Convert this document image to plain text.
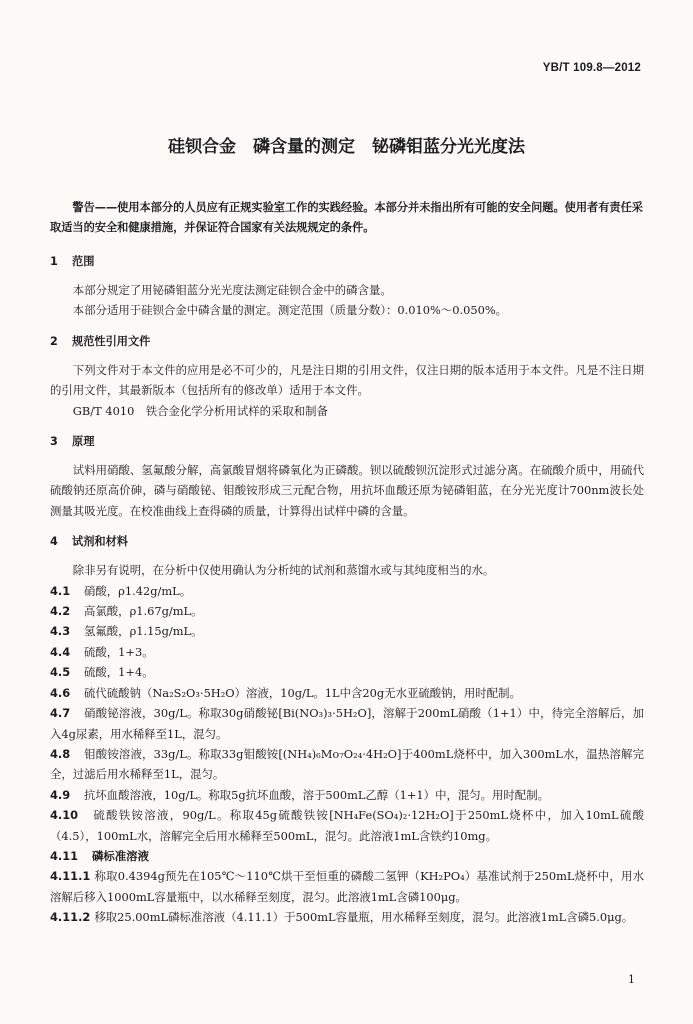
YB/T 109.8—2012
硅钡合金　磷含量的测定　铋磷钼蓝分光光度法

警告——使用本部分的人员应有正规实验室工作的实践经验。本部分并未指出所有可能的安全问题。使用者有责任采取适当的安全和健康措施，并保证符合国家有关法规规定的条件。

1 范围

本部分规定了用铋磷钼蓝分光光度法测定硅钡合金中的磷含量。

本部分适用于硅钡合金中磷含量的测定。测定范围（质量分数）：0.010%～0.050%。

2 规范性引用文件

下列文件对于本文件的应用是必不可少的，凡是注日期的引用文件，仅注日期的版本适用于本文件。凡是不注日期的引用文件，其最新版本（包括所有的修改单）适用于本文件。

GB/T 4010　铁合金化学分析用试样的采取和制备

3 原理

试料用硝酸、氢氟酸分解，高氯酸冒烟将磷氧化为正磷酸。钡以硫酸钡沉淀形式过滤分离。在硫酸介质中，用硫代硫酸钠还原高价砷，磷与硝酸铋、钼酸铵形成三元配合物，用抗坏血酸还原为铋磷钼蓝，在分光光度计700nm波长处测量其吸光度。在校准曲线上查得磷的质量，计算得出试样中磷的含量。

4 试剂和材料

除非另有说明，在分析中仅使用确认为分析纯的试剂和蒸馏水或与其纯度相当的水。

4.1 硝酸，ρ1.42g/mL。

4.2 高氯酸，ρ1.67g/mL。

4.3 氢氟酸，ρ1.15g/mL。

4.4 硫酸，1+3。

4.5 硫酸，1+4。

4.6 硫代硫酸钠（Na₂S₂O₃·5H₂O）溶液，10g/L。1L中含20g无水亚硫酸钠，用时配制。

4.7 硝酸铋溶液，30g/L。称取30g硝酸铋[Bi(NO₃)₃·5H₂O]，溶解于200mL硝酸（1+1）中，待完全溶解后，加入4g尿素，用水稀释至1L，混匀。

4.8 钼酸铵溶液，33g/L。称取33g钼酸铵[(NH₄)₆Mo₇O₂₄·4H₂O]于400mL烧杯中，加入300mL水，温热溶解完全，过滤后用水稀释至1L，混匀。

4.9 抗坏血酸溶液，10g/L。称取5g抗坏血酸，溶于500mL乙醇（1+1）中，混匀。用时配制。

4.10 硫酸铁铵溶液，90g/L。称取45g硫酸铁铵[NH₄Fe(SO₄)₂·12H₂O]于250mL烧杯中，加入10mL硫酸（4.5），100mL水，溶解完全后用水稀释至500mL，混匀。此溶液1mL含铁约10mg。

4.11 磷标准溶液

4.11.1 称取0.4394g预先在105℃～110℃烘干至恒重的磷酸二氢钾（KH₂PO₄）基准试剂于250mL烧杯中，用水溶解后移入1000mL容量瓶中，以水稀释至刻度，混匀。此溶液1mL含磷100μg。

4.11.2 移取25.00mL磷标准溶液（4.11.1）于500mL容量瓶，用水稀释至刻度，混匀。此溶液1mL含磷5.0μg。

1
